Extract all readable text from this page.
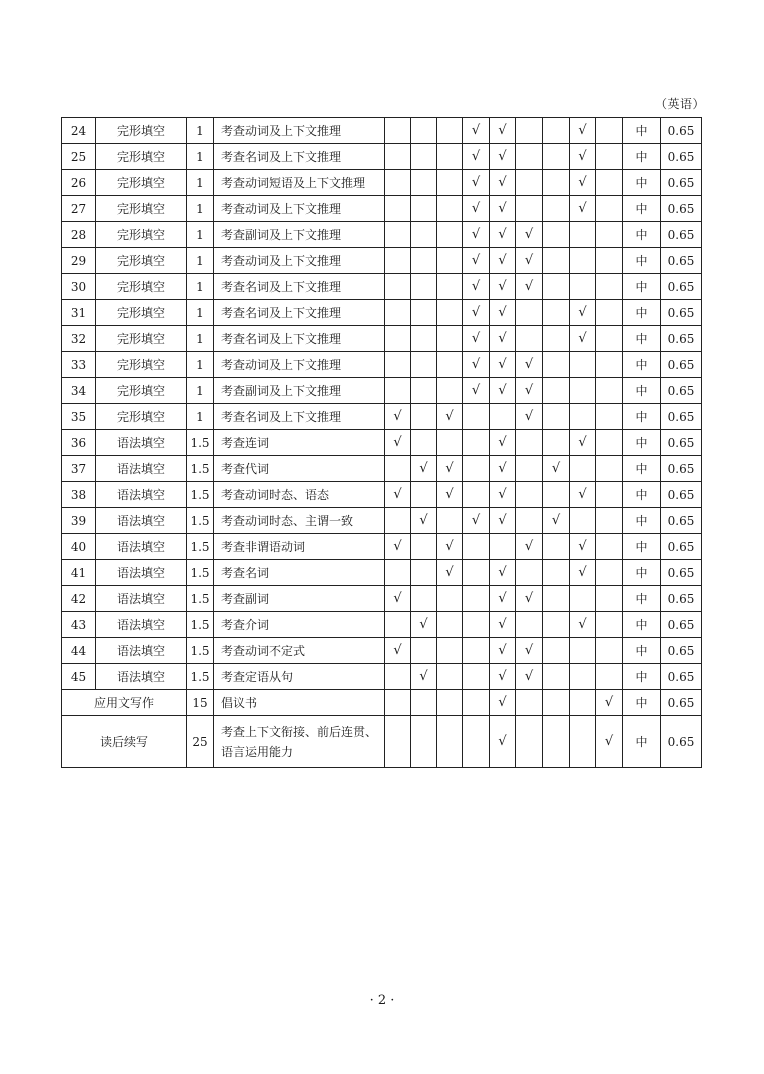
（英语）
24	完形填空	1	考查动词及上下文推理				√	√			√		中	0.65
25	完形填空	1	考查名词及上下文推理				√	√			√		中	0.65
26	完形填空	1	考查动词短语及上下文推理				√	√			√		中	0.65
27	完形填空	1	考查动词及上下文推理				√	√			√		中	0.65
28	完形填空	1	考查副词及上下文推理				√	√	√				中	0.65
29	完形填空	1	考查动词及上下文推理				√	√	√				中	0.65
30	完形填空	1	考查名词及上下文推理				√	√	√				中	0.65
31	完形填空	1	考查名词及上下文推理				√	√			√		中	0.65
32	完形填空	1	考查名词及上下文推理				√	√			√		中	0.65
33	完形填空	1	考查动词及上下文推理				√	√	√				中	0.65
34	完形填空	1	考查副词及上下文推理				√	√	√				中	0.65
35	完形填空	1	考查名词及上下文推理	√		√			√				中	0.65
36	语法填空	1.5	考查连词	√				√			√		中	0.65
37	语法填空	1.5	考查代词		√	√		√		√			中	0.65
38	语法填空	1.5	考查动词时态、语态	√		√		√			√		中	0.65
39	语法填空	1.5	考查动词时态、主谓一致		√		√	√		√			中	0.65
40	语法填空	1.5	考查非谓语动词	√		√			√		√		中	0.65
41	语法填空	1.5	考查名词			√		√			√		中	0.65
42	语法填空	1.5	考查副词	√				√	√				中	0.65
43	语法填空	1.5	考查介词		√			√			√		中	0.65
44	语法填空	1.5	考查动词不定式	√				√	√				中	0.65
45	语法填空	1.5	考查定语从句		√			√	√				中	0.65
应用文写作		15	倡议书					√				√	中	0.65
读后续写		25	考查上下文衔接、前后连贯、语言运用能力					√				√	中	0.65
· 2 ·
